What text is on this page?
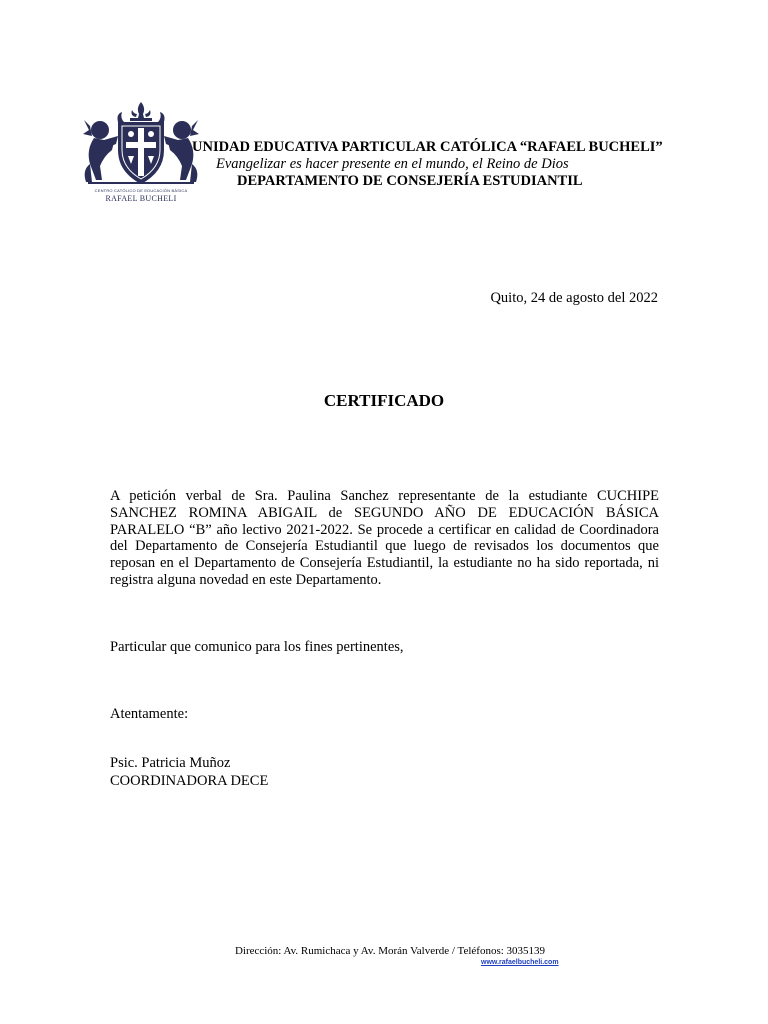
CENTRO CATÓLICO DE EDUCACIÓN BÁSICA
RAFAEL BUCHELI
UNIDAD EDUCATIVA PARTICULAR CATÓLICA “RAFAEL BUCHELI”
Evangelizar es hacer presente en el mundo, el Reino de Dios
DEPARTAMENTO DE CONSEJERÍA ESTUDIANTIL
Quito, 24 de agosto del 2022
CERTIFICADO
A petición verbal de Sra. Paulina Sanchez representante de la estudiante CUCHIPE SANCHEZ ROMINA ABIGAIL de SEGUNDO AÑO DE EDUCACIÓN BÁSICA PARALELO “B” año lectivo 2021-2022. Se procede a certificar en calidad de Coordinadora del Departamento de Consejería Estudiantil que luego de revisados los documentos que reposan en el Departamento de Consejería Estudiantil, la estudiante no ha sido reportada, ni registra alguna novedad en este Departamento.
Particular que comunico para los fines pertinentes,
Atentamente:
Psic. Patricia Muñoz
COORDINADORA DECE
Dirección: Av. Rumichaca y Av. Morán Valverde / Teléfonos: 3035139
www.rafaelbucheli.com
